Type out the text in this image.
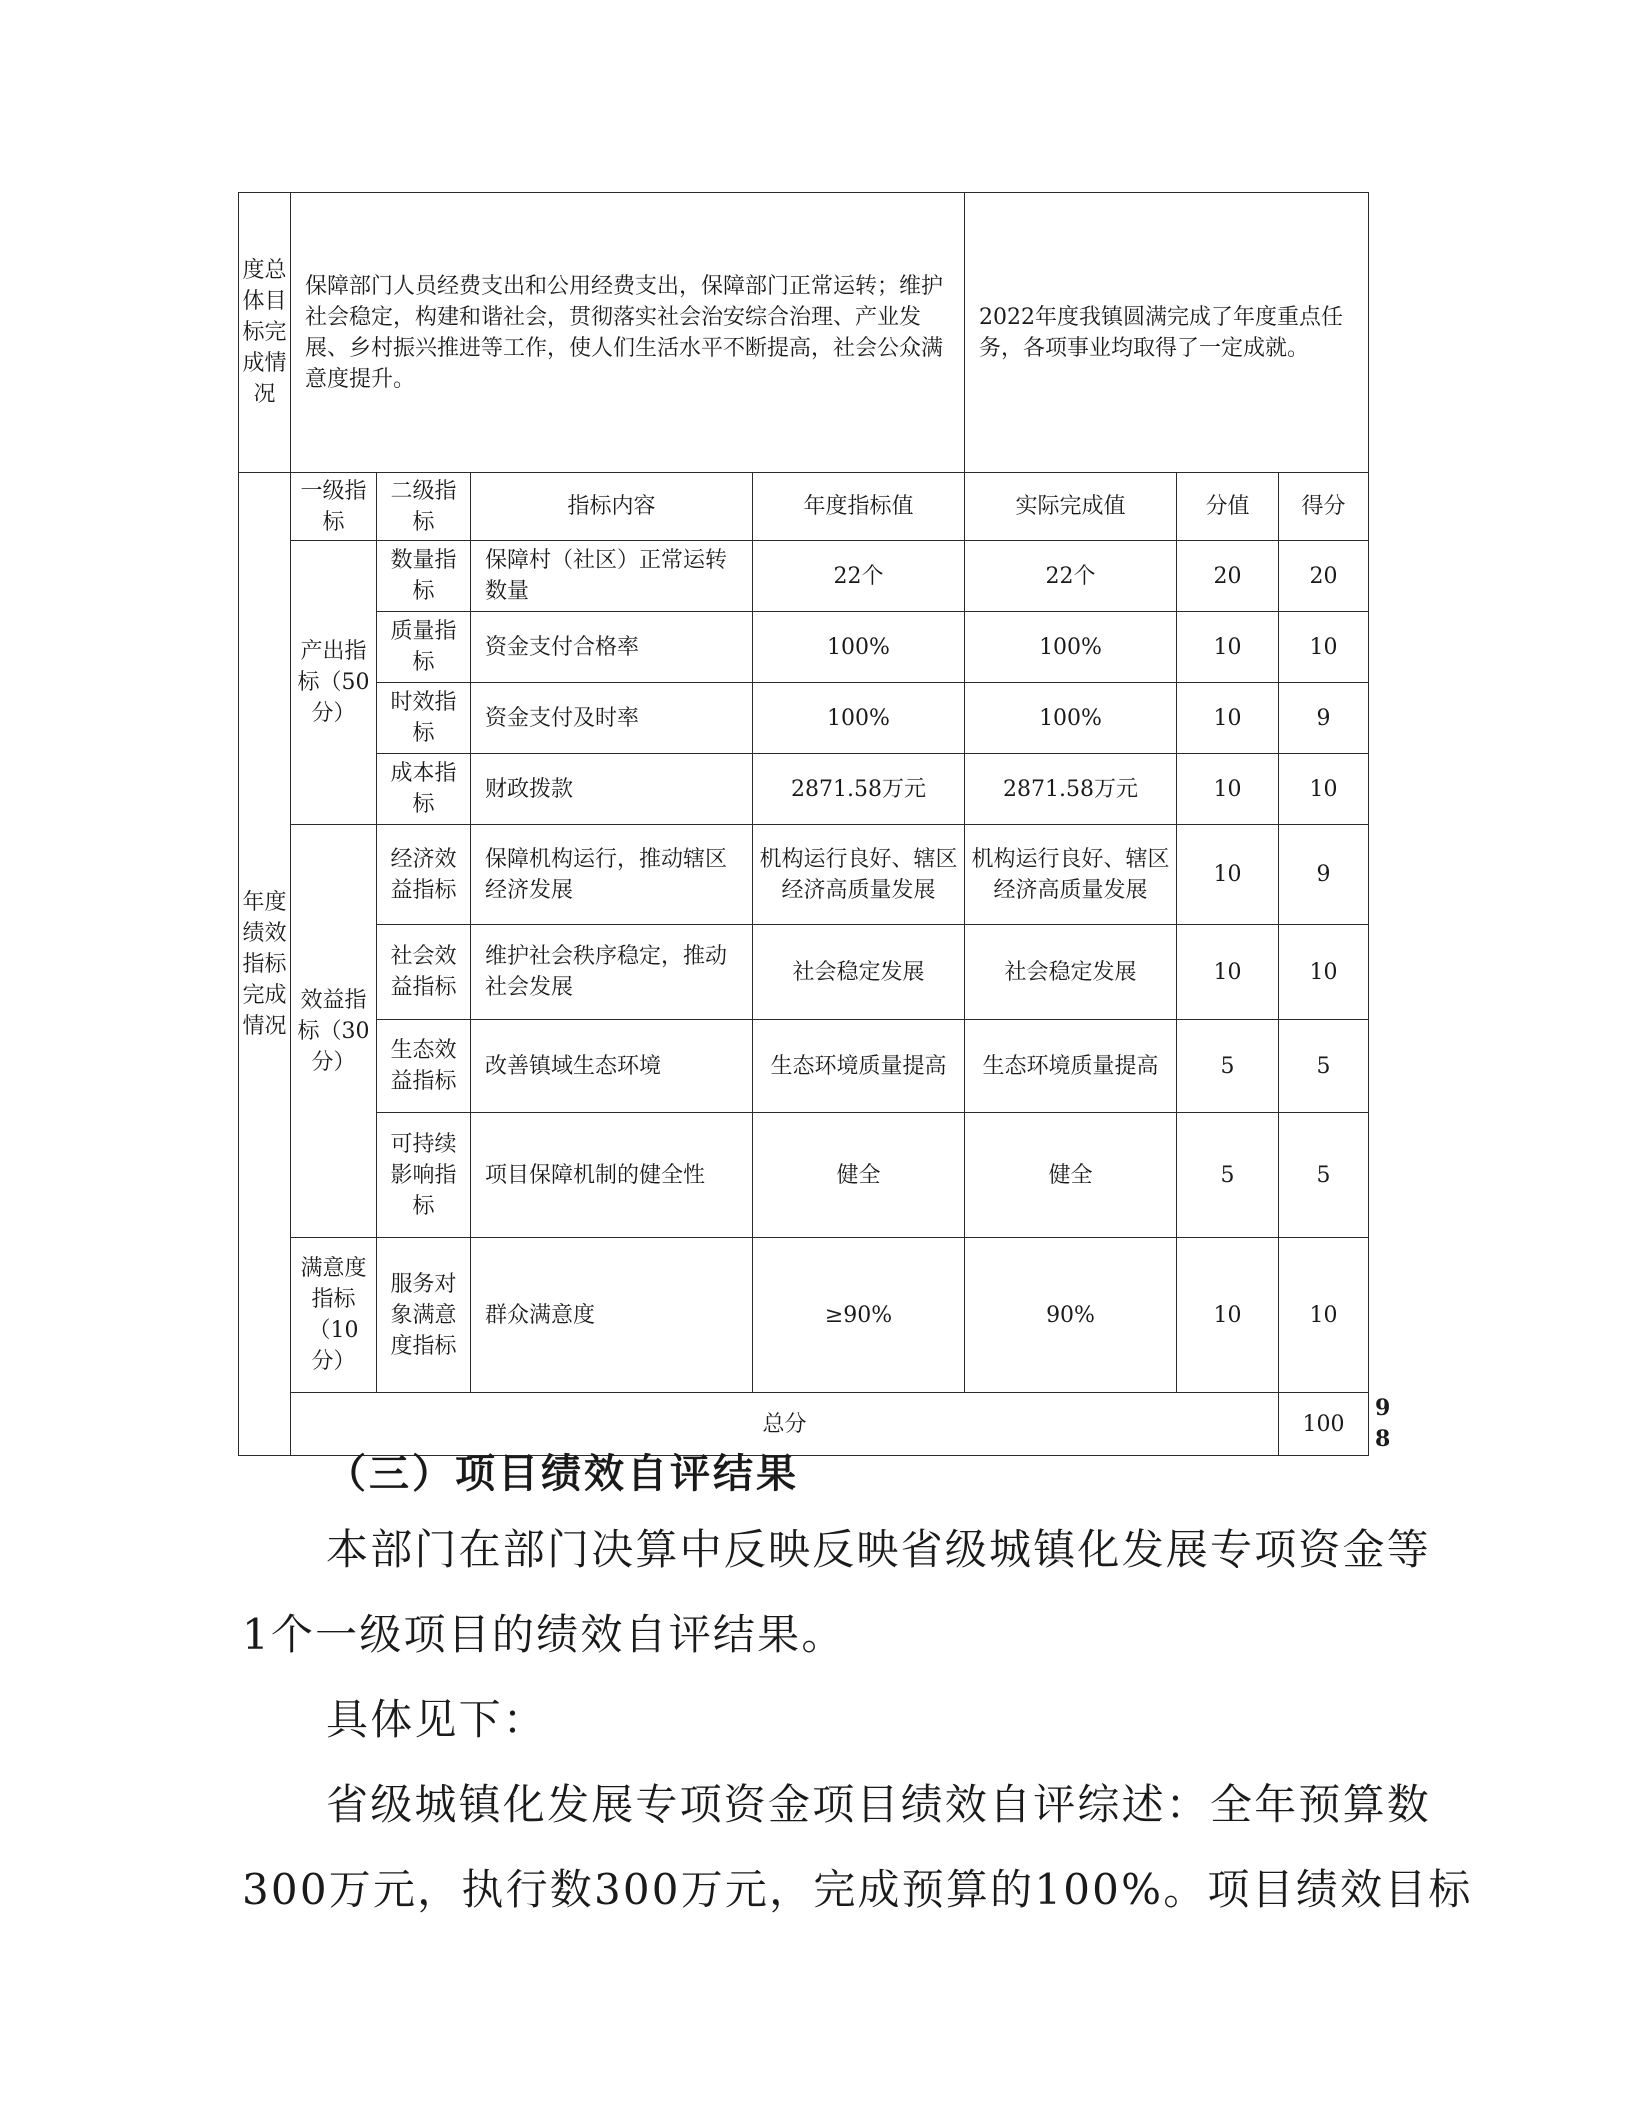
度总体目标完成情况	保障部门人员经费支出和公用经费支出，保障部门正常运转；维护社会稳定，构建和谐社会，贯彻落实社会治安综合治理、产业发展、乡村振兴推进等工作，使人们生活水平不断提高，社会公众满意度提升。				2022年度我镇圆满完成了年度重点任务，各项事业均取得了一定成就。			
年度绩效指标完成情况	一级指标	二级指标	指标内容	年度指标值	实际完成值	分值	得分	
	产出指标（50分）	数量指标	保障村（社区）正常运转数量	22个	22个	20	20	
		质量指标	资金支付合格率	100%	100%	10	10	
		时效指标	资金支付及时率	100%	100%	10	9	
		成本指标	财政拨款	2871.58万元	2871.58万元	10	10	
	效益指标（30分）	经济效益指标	保障机构运行，推动辖区经济发展	机构运行良好、辖区经济高质量发展	机构运行良好、辖区经济高质量发展	10	9	
		社会效益指标	维护社会秩序稳定，推动社会发展	社会稳定发展	社会稳定发展	10	10	
		生态效益指标	改善镇域生态环境	生态环境质量提高	生态环境质量提高	5	5	
		可持续影响指标	项目保障机制的健全性	健全	健全	5	5	
	满意度指标（10分）	服务对象满意度指标	群众满意度	≥90%	90%	10	10	
	总分						100	98

（三）项目绩效自评结果

本部门在部门决算中反映反映省级城镇化发展专项资金等

1个一级项目的绩效自评结果。

具体见下：

省级城镇化发展专项资金项目绩效自评综述：全年预算数

300万元，执行数300万元，完成预算的100%。项目绩效目标
